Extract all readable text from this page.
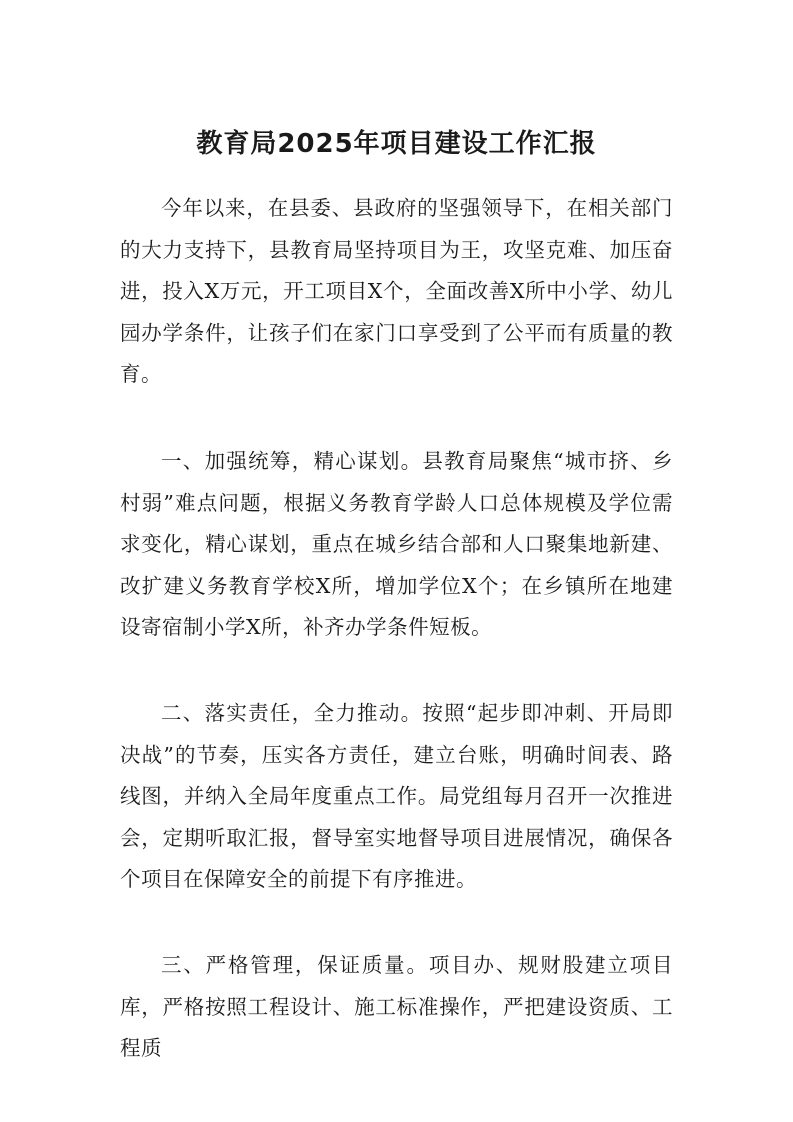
教育局2025年项目建设工作汇报

今年以来，在县委、县政府的坚强领导下，在相关部门的大力支持下，县教育局坚持项目为王，攻坚克难、加压奋进，投入X万元，开工项目X个，全面改善X所中小学、幼儿园办学条件，让孩子们在家门口享受到了公平而有质量的教育。

一、加强统筹，精心谋划。县教育局聚焦“城市挤、乡村弱”难点问题，根据义务教育学龄人口总体规模及学位需求变化，精心谋划，重点在城乡结合部和人口聚集地新建、改扩建义务教育学校X所，增加学位X个；在乡镇所在地建设寄宿制小学X所，补齐办学条件短板。

二、落实责任，全力推动。按照“起步即冲刺、开局即决战”的节奏，压实各方责任，建立台账，明确时间表、路线图，并纳入全局年度重点工作。局党组每月召开一次推进会，定期听取汇报，督导室实地督导项目进展情况，确保各个项目在保障安全的前提下有序推进。

三、严格管理，保证质量。项目办、规财股建立项目库，严格按照工程设计、施工标准操作，严把建设资质、工程质
